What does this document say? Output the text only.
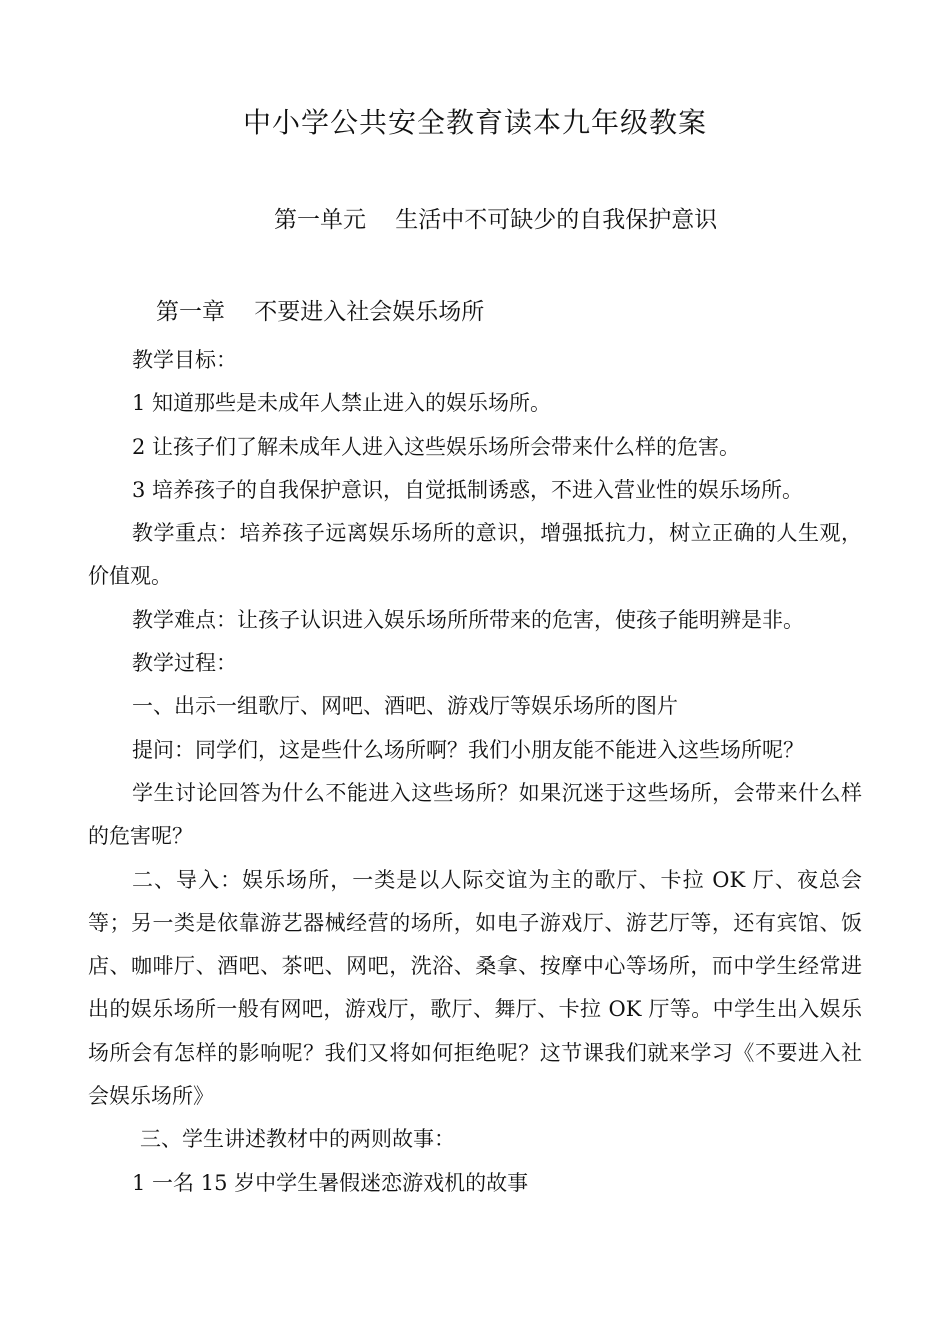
中小学公共安全教育读本九年级教案
第一单元    生活中不可缺少的自我保护意识
第一章    不要进入社会娱乐场所

教学目标：

1 知道那些是未成年人禁止进入的娱乐场所。

2 让孩子们了解未成年人进入这些娱乐场所会带来什么样的危害。

3 培养孩子的自我保护意识，自觉抵制诱惑，不进入营业性的娱乐场所。

教学重点：培养孩子远离娱乐场所的意识，增强抵抗力，树立正确的人生观，价值观。

教学难点：让孩子认识进入娱乐场所所带来的危害，使孩子能明辨是非。

教学过程：

一、出示一组歌厅、网吧、酒吧、游戏厅等娱乐场所的图片

提问：同学们，这是些什么场所啊？我们小朋友能不能进入这些场所呢？

学生讨论回答为什么不能进入这些场所？如果沉迷于这些场所，会带来什么样的危害呢？

二、导入：娱乐场所，一类是以人际交谊为主的歌厅、卡拉 OK 厅、夜总会等；另一类是依靠游艺器械经营的场所，如电子游戏厅、游艺厅等，还有宾馆、饭店、咖啡厅、酒吧、茶吧、网吧，洗浴、桑拿、按摩中心等场所，而中学生经常进出的娱乐场所一般有网吧，游戏厅，歌厅、舞厅、卡拉 OK 厅等。中学生出入娱乐场所会有怎样的影响呢？我们又将如何拒绝呢？这节课我们就来学习《不要进入社会娱乐场所》

三、学生讲述教材中的两则故事：

1 一名 15 岁中学生暑假迷恋游戏机的故事
